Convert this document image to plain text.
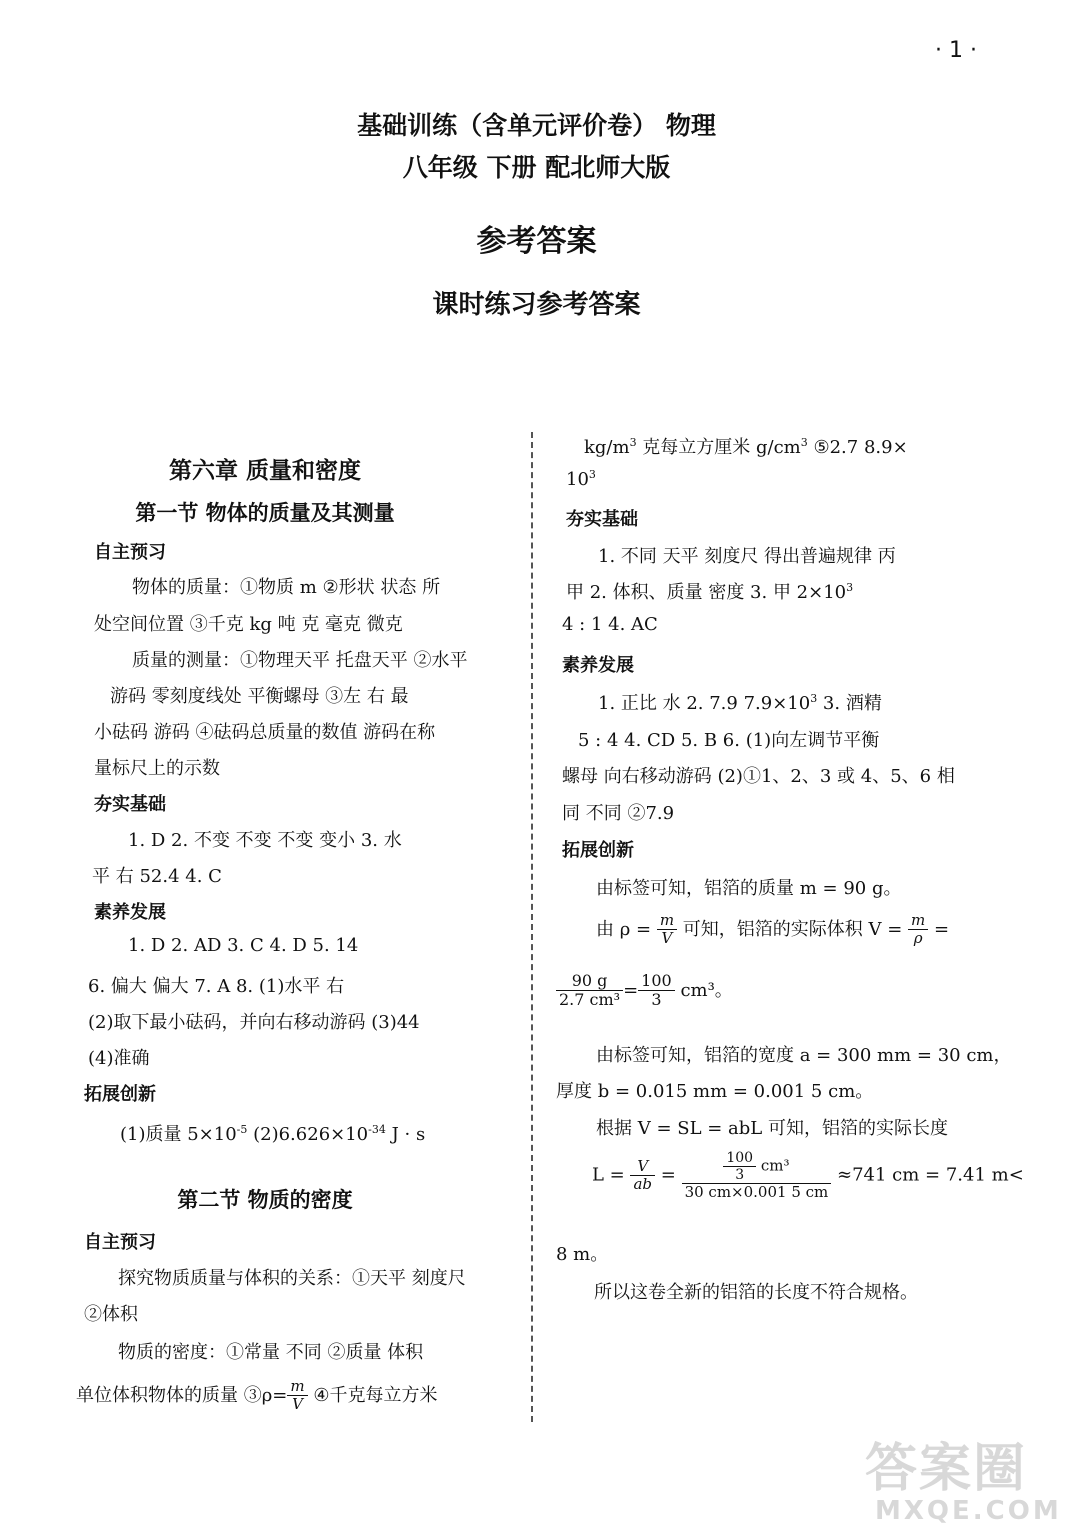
· 1 ·
基础训练（含单元评价卷） 物理
八年级 下册 配北师大版
参考答案
课时练习参考答案
第六章 质量和密度
第一节 物体的质量及其测量
自主预习
物体的质量：①物质 m ②形状 状态 所
处空间位置 ③千克 kg 吨 克 毫克 微克
质量的测量：①物理天平 托盘天平 ②水平
游码 零刻度线处 平衡螺母 ③左 右 最
小砝码 游码 ④砝码总质量的数值 游码在称
量标尺上的示数
夯实基础
1. D 2. 不变 不变 不变 变小 3. 水
平 右 52.4 4. C
素养发展
1. D 2. AD 3. C 4. D 5. 14
6. 偏大 偏大 7. A 8. (1)水平 右
(2)取下最小砝码，并向右移动游码 (3)44
(4)准确
拓展创新
(1)质量 $5\times 10^{-5}$ $(2)6.626\times 10^{-34}$ J · s
第二节 物质的密度
自主预习
探究物质质量与体积的关系：①天平 刻度尺
②体积
物质的密度：①常量 不同 ②质量 体积
单位体积物体的质量 ③ρ= $\frac{m}{V}$ ④千克每立方米
$kg/m^3$ 克每立方厘米 $g/cm^3$ ⑤2.7 8.9×
$10^3$
夯实基础
1. 不同 天平 刻度尺 得出普遍规律 丙
甲 2. 体积、质量 密度 3. 甲 $2\times 10^3$
4 : 1 4. AC
素养发展
1. 正比 水 2. 7.9 $7.9\times 10^3$ 3. 酒精
5 : 4 4. CD 5. B 6. (1)向左调节平衡
螺母 向右移动游码 (2)①1、2、3 或 4、5、6 相
同 不同 ②7.9
拓展创新
由标签可知，铝箔的质量 m = 90 g。
由 $\rho = \frac{m}{V}$ 可知，铝箔的实际体积 $V = \frac{m}{\rho}$ =
$\frac{90 g}{\text{2.7 cm³}} = \frac{100}{3} cm^3$。
由标签可知，铝箔的宽度 a = 300 mm = 30 cm，
厚度 b = 0.015 mm = 0.001 5 cm。
根据 V = SL = abL 可知，铝箔的实际长度
$L = \frac{V}{ab} = \frac{\frac{100}{3} cm^3}{30 cm\times 0.001 5 cm} \approx 741$ cm = 7.41 m<
8 m。
所以这卷全新的铝箔的长度不符合规格。
答案圈
MXQE.COM
